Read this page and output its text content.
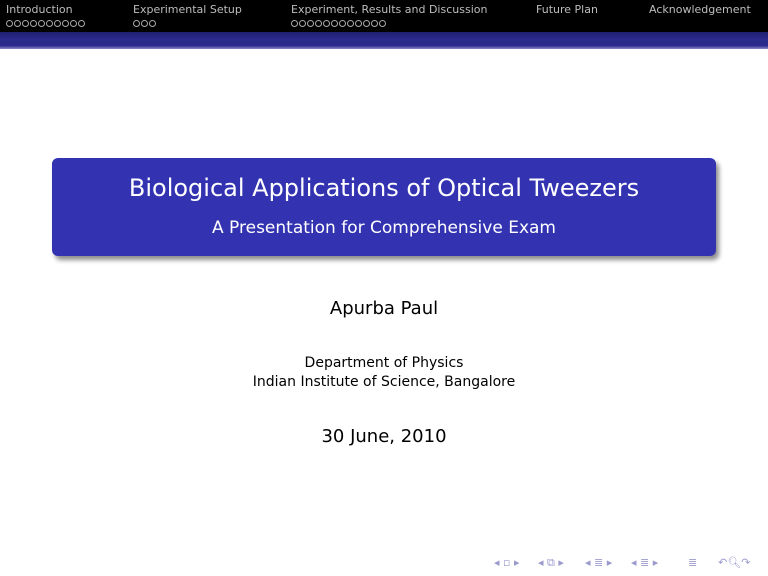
Introduction	Experimental Setup	Experiment, Results and Discussion	Future Plan	Acknowledgement
Biological Applications of Optical Tweezers
A Presentation for Comprehensive Exam
Apurba Paul
Department of Physics
Indian Institute of Science, Bangalore
30 June, 2010
◂ ▫ ▸ ◂ ⧉ ▸ ◂ ≣ ▸ ◂ ≣ ▸	≣ ↶🔍︎↷
